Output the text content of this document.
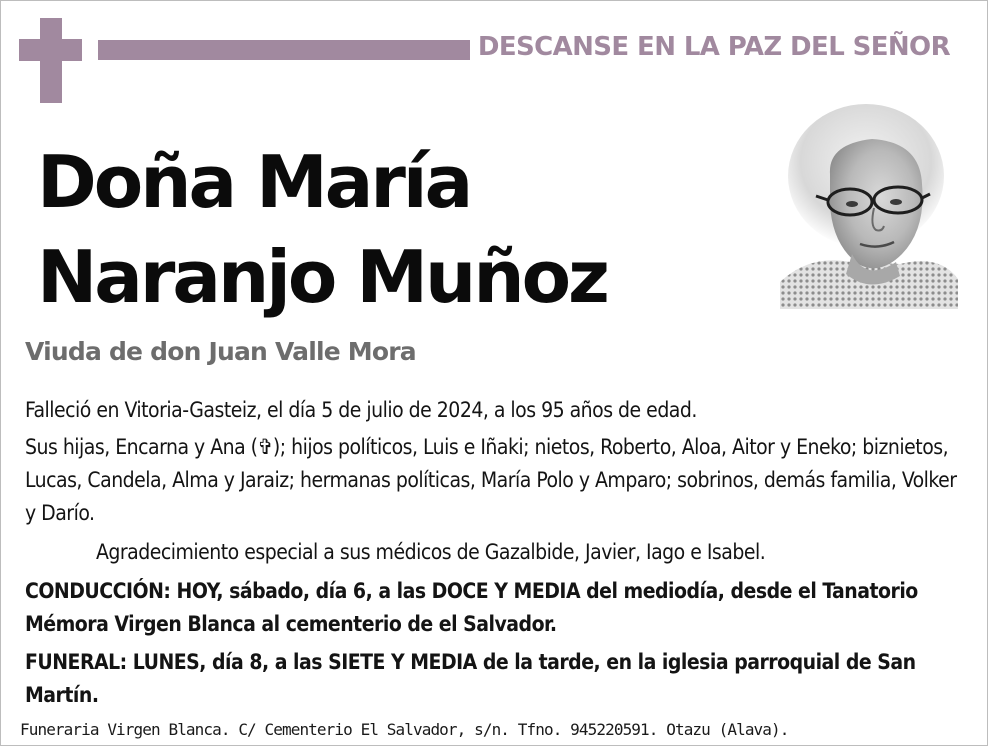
DESCANSE EN LA PAZ DEL SEÑOR
Doña María
Naranjo Muñoz
Viuda de don Juan Valle Mora
Falleció en Vitoria-Gasteiz, el día 5 de julio de 2024, a los 95 años de edad.
Sus hijas, Encarna y Ana (✞); hijos políticos, Luis e Iñaki; nietos, Roberto, Aloa, Aitor y Eneko; biznietos, Lucas, Candela, Alma y Jaraiz; hermanas políticas, María Polo y Amparo; sobrinos, demás familia, Volker y Darío.
Agradecimiento especial a sus médicos de Gazalbide, Javier, Iago e Isabel.
CONDUCCIÓN: HOY, sábado, día 6, a las DOCE Y MEDIA del mediodía, desde el Tanatorio Mémora Virgen Blanca al cementerio de el Salvador.
FUNERAL: LUNES, día 8, a las SIETE Y MEDIA de la tarde, en la iglesia parroquial de San Martín.
Funeraria Virgen Blanca. C/ Cementerio El Salvador, s/n. Tfno. 945220591. Otazu (Alava).
